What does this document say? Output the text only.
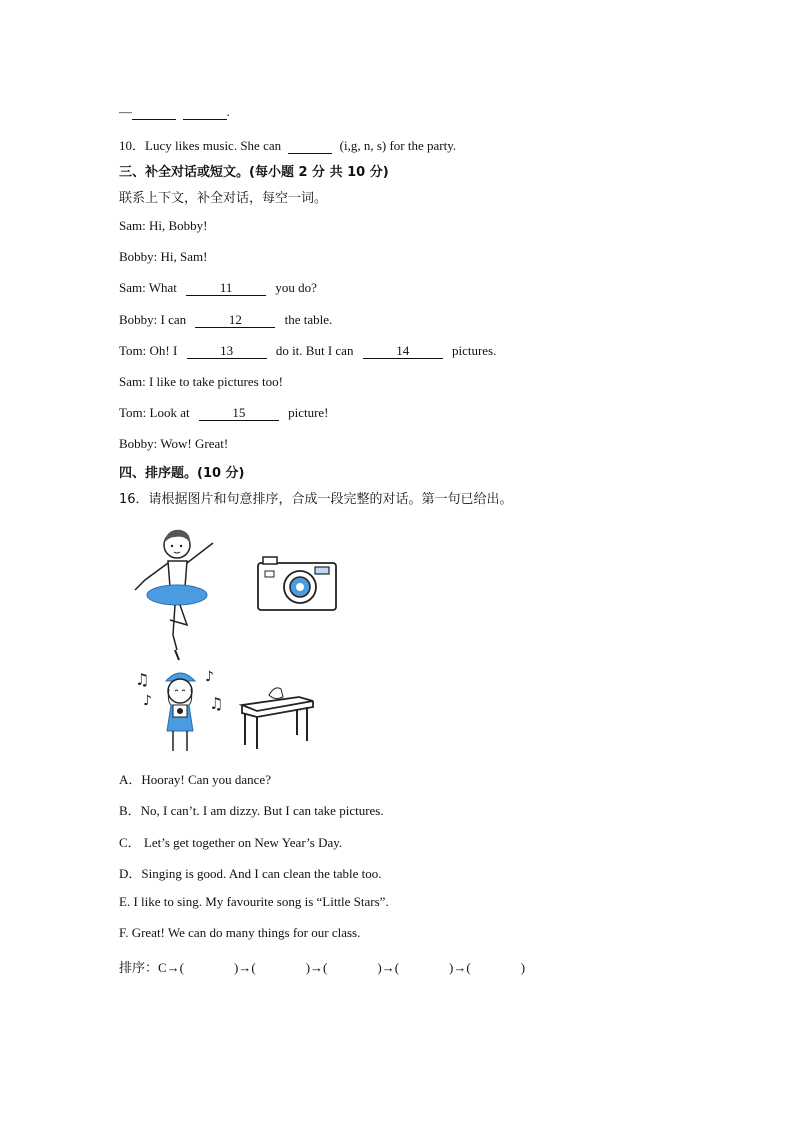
—	.
10．Lucy likes music. She can	(i,g, n, s) for the party.
三、补全对话或短文。(每小题 2 分 共 10 分)
联系上下文，补全对话，每空一词。
Sam: Hi, Bobby!
Bobby: Hi, Sam!
Sam: What	11	you do?
Bobby: I can	12	the table.
Tom: Oh! I	13	do it. But I can	14	pictures.
Sam: I like to take pictures too!
Tom: Look at	15	picture!
Bobby: Wow! Great!
四、排序题。(10 分)
16．请根据图片和句意排序，合成一段完整的对话。第一句已给出。
♫
♪
♪
♫
A．Hooray! Can you dance?
B．No, I can’t. I am dizzy. But I can take pictures.
C． Let’s get together on New Year’s Day.
D．Singing is good. And I can clean the table too.
E. I like to sing. My favourite song is “Little Stars”.
F. Great! We can do many things for our class.
排序：C→(	)→(	)→(	)→(	)→(	)
